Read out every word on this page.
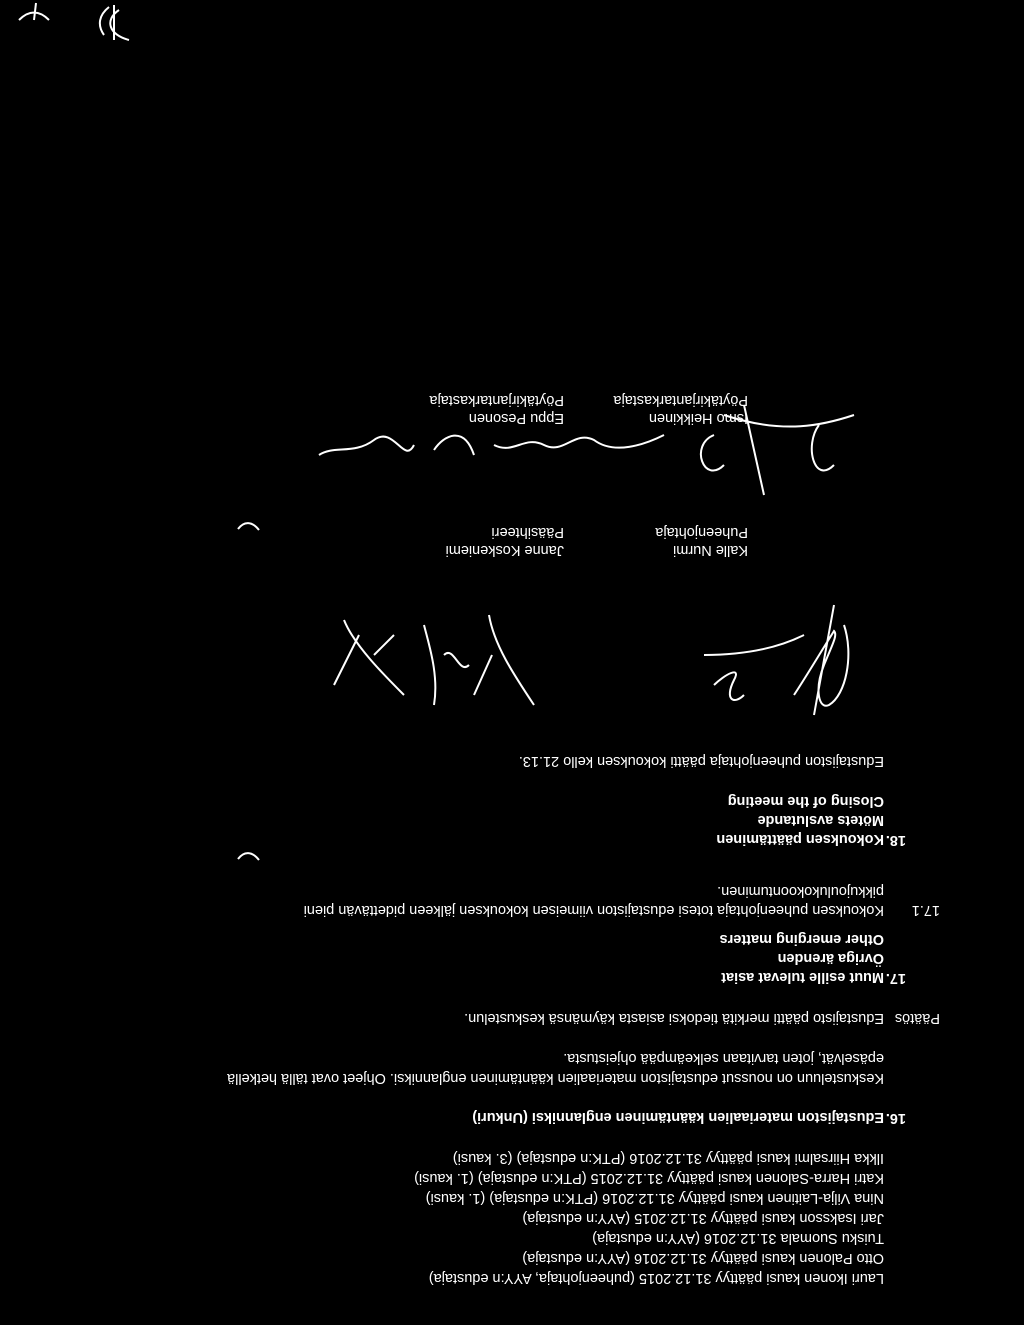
Lauri Ikonen kausi päättyy 31.12.2015 (puheenjohtaja, AYY:n edustaja)
Otto Palonen kausi päättyy 31.12.2016 (AYY:n edustaja)
Tuisku Suomala 31.12.2016 (AYY:n edustaja)
Jari Isaksson kausi päättyy 31.12.2015 (AYY:n edustaja)
Nina Vilja-Laitinen kausi päättyy 31.12.2016 (PTK:n edustaja) (1. kausi)
Katri Harra-Salonen kausi päättyy 31.12.2015 (PTK:n edustaja) (1. kausi)
Ilkka Hiirsalmi kausi päättyy 31.12.2016 (PTK:n edustaja) (3. kausi)
16.
Edustajiston materiaalien kääntäminen englanniksi (Unkuri)
Keskusteluun on noussut edustajiston materiaalien kääntäminen englanniksi. Ohjeet ovat tällä hetkellä
epäselvät, joten tarvitaan selkeämpää ohjeistusta.
Päätös
Edustajisto päätti merkitä tiedoksi asiasta käymänsä keskustelun.
17.
Muut esille tulevat asiat
Övriga ärenden
Other emerging matters
17.1
Kokouksen puheenjohtaja totesi edustajiston viimeisen kokouksen jälkeen pidettävän pieni
pikkujoulukokoontuminen.
18.
Kokouksen päättäminen
Mötets avslutande
Closing of the meeting
Edustajiston puheenjohtaja päätti kokouksen kello 21.13.
Kalle Nurmi
Puheenjohtaja
Janne Koskeniemi
Pääsihteeri
Ismo Heikkinen
Pöytäkirjantarkastaja
Eppu Pesonen
Pöytäkirjantarkastaja
